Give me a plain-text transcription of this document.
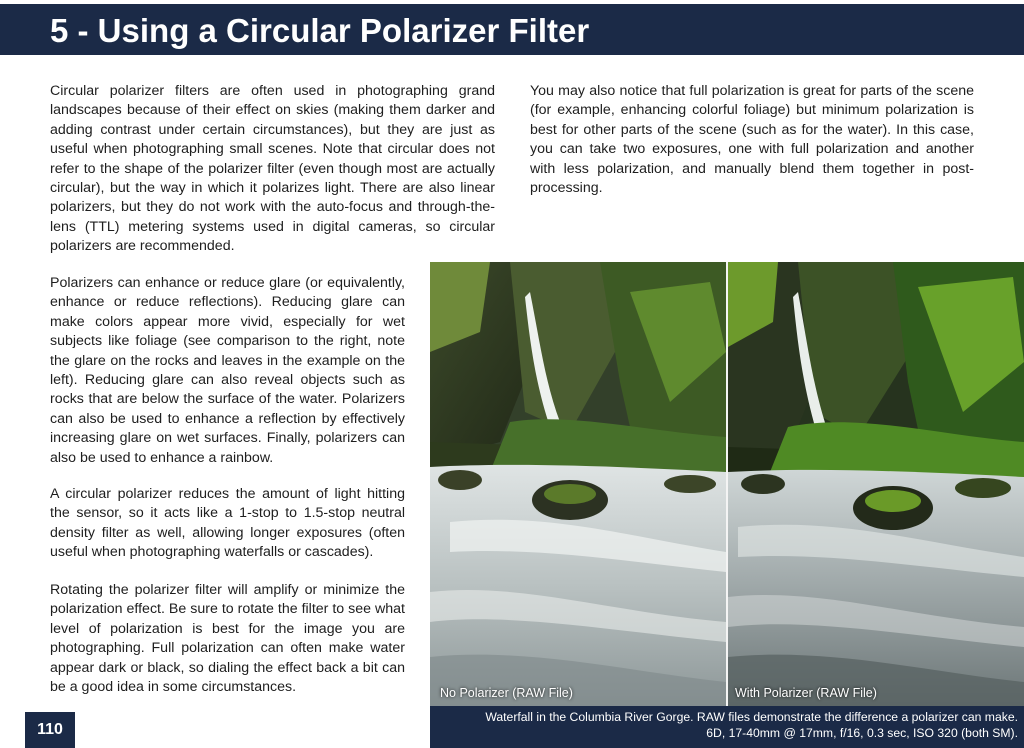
5 - Using a Circular Polarizer Filter

Circular polarizer filters are often used in photographing grand landscapes because of their effect on skies (making them darker and adding contrast under certain circumstances), but they are just as useful when photographing small scenes. Note that circular does not refer to the shape of the polarizer filter (even though most are actually circular), but the way in which it polarizes light. There are also linear polarizers, but they do not work with the auto-focus and through-the-lens (TTL) metering systems used in digital cameras, so circular polarizers are recommended.

Polarizers can enhance or reduce glare (or equivalently, enhance or reduce reflections). Reducing glare can make colors appear more vivid, especially for wet subjects like foliage (see comparison to the right, note the glare on the rocks and leaves in the example on the left). Reducing glare can also reveal objects such as rocks that are below the surface of the water. Polarizers can also be used to enhance a reflection by effectively increasing glare on wet surfaces. Finally, polarizers can also be used to enhance a rainbow.

A circular polarizer reduces the amount of light hitting the sensor, so it acts like a 1-stop to 1.5-stop neutral density filter as well, allowing longer exposures (often useful when photographing waterfalls or cascades).

Rotating the polarizer filter will amplify or minimize the polarization effect. Be sure to rotate the filter to see what level of polarization is best for the image you are photographing. Full polarization can often make water appear dark or black, so dialing the effect back a bit can be a good idea in some circumstances.

You may also notice that full polarization is great for parts of the scene (for example, enhancing colorful foliage) but minimum polarization is best for other parts of the scene (such as for the water). In this case, you can take two exposures, one with full polarization and another with less polarization, and manually blend them together in post-processing.

No Polarizer (RAW File)	With Polarizer (RAW File)
Waterfall in the Columbia River Gorge. RAW files demonstrate the difference a polarizer can make.
6D, 17-40mm @ 17mm, f/16, 0.3 sec, ISO 320 (both SM).
110
